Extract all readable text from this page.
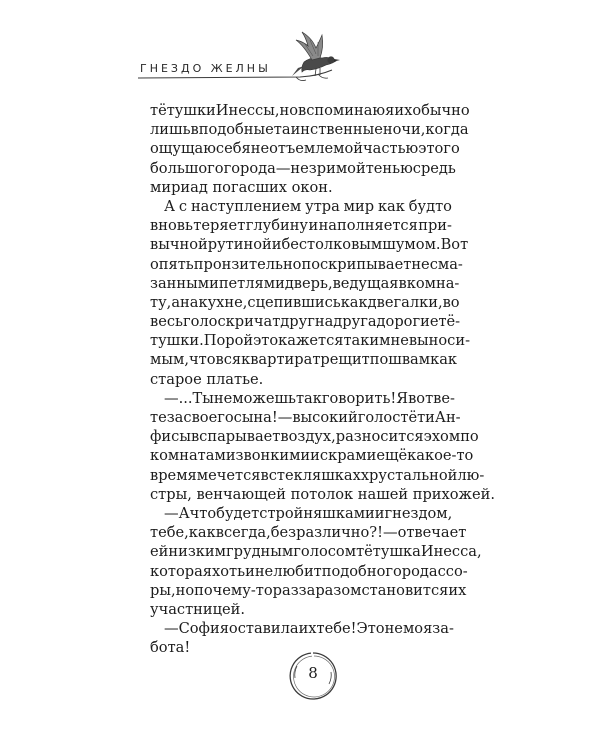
ГНЕЗДО ЖЕЛНЫ
тётушки Инессы, но вспоминаю я их обычно
лишь в подобные таинственные ночи, когда
ощущаю себя неотъемлемой частью этого
большого города — незримой тенью средь
мириад погасших окон.
А с наступлением утра мир как будто
вновь теряет глубину и наполняется при-
вычной рутиной и бестолковым шумом. Вот
опять пронзительно поскрипывает несма-
занными петлями дверь, ведущая в комна-
ту, а на кухне, сцепившись как две галки, во
весь голос кричат друг на друга дорогие тё-
тушки. Порой это кажется таким невыноси-
мым, что вся квартира трещит по швам как
старое платье.
— ...Ты не можешь так говорить! Я в отве-
те за своего сына! — высокий голос тёти Ан-
фисы вспарывает воздух, разносится эхом по
комнатам и звонкими искрами ещё какое-то
время мечется в стекляшках хрустальной лю-
стры, венчающей потолок нашей прихожей.
— А что будет с тройняшками и гнездом,
тебе, как всегда, безразлично?! — отвечает
ей низким грудным голосом тётушка Инесса,
которая хоть и не любит подобного рода ссо-
ры, но почему-то раз за разом становится их
участницей.
— София оставила их тебе! Это не моя за-
бота!
8
